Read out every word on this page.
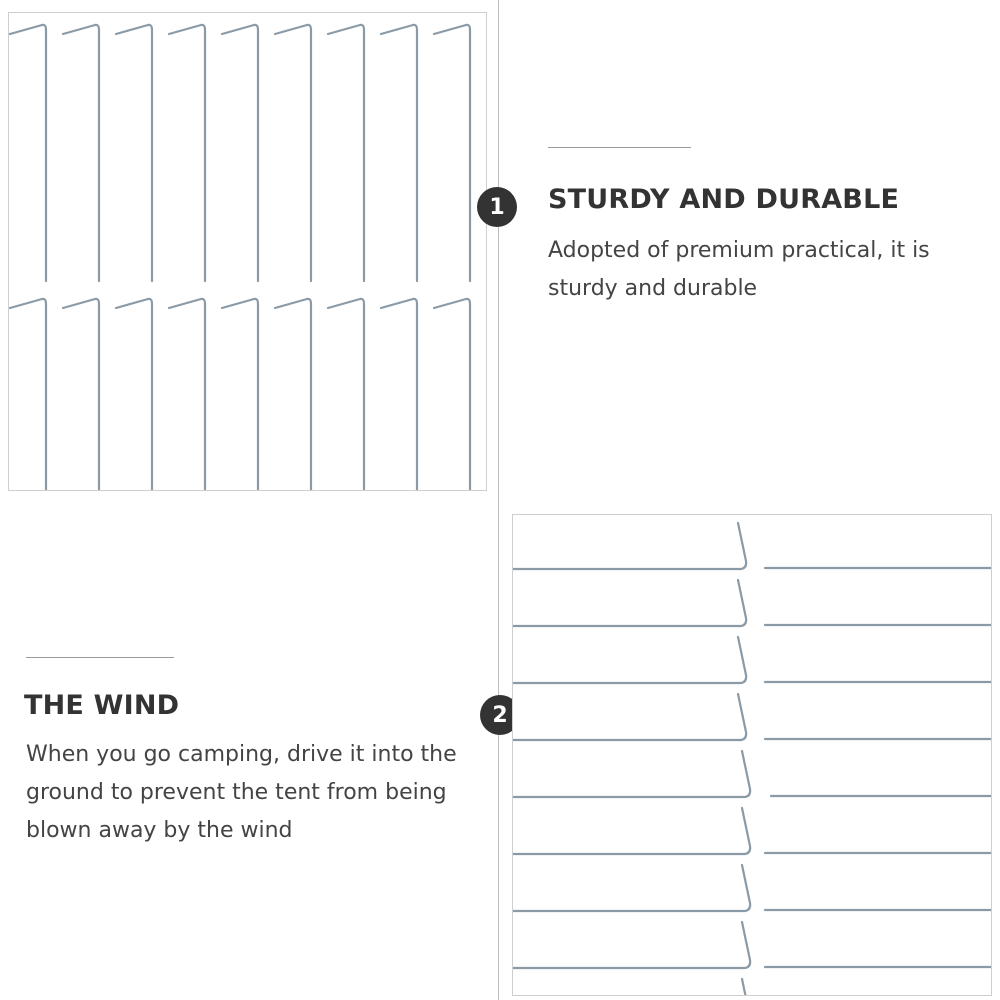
1	STURDY AND DURABLE
Adopted of premium practical, it is sturdy and durable
THE WIND
When you go camping, drive it into the ground to prevent the tent from being blown away by the wind
2
